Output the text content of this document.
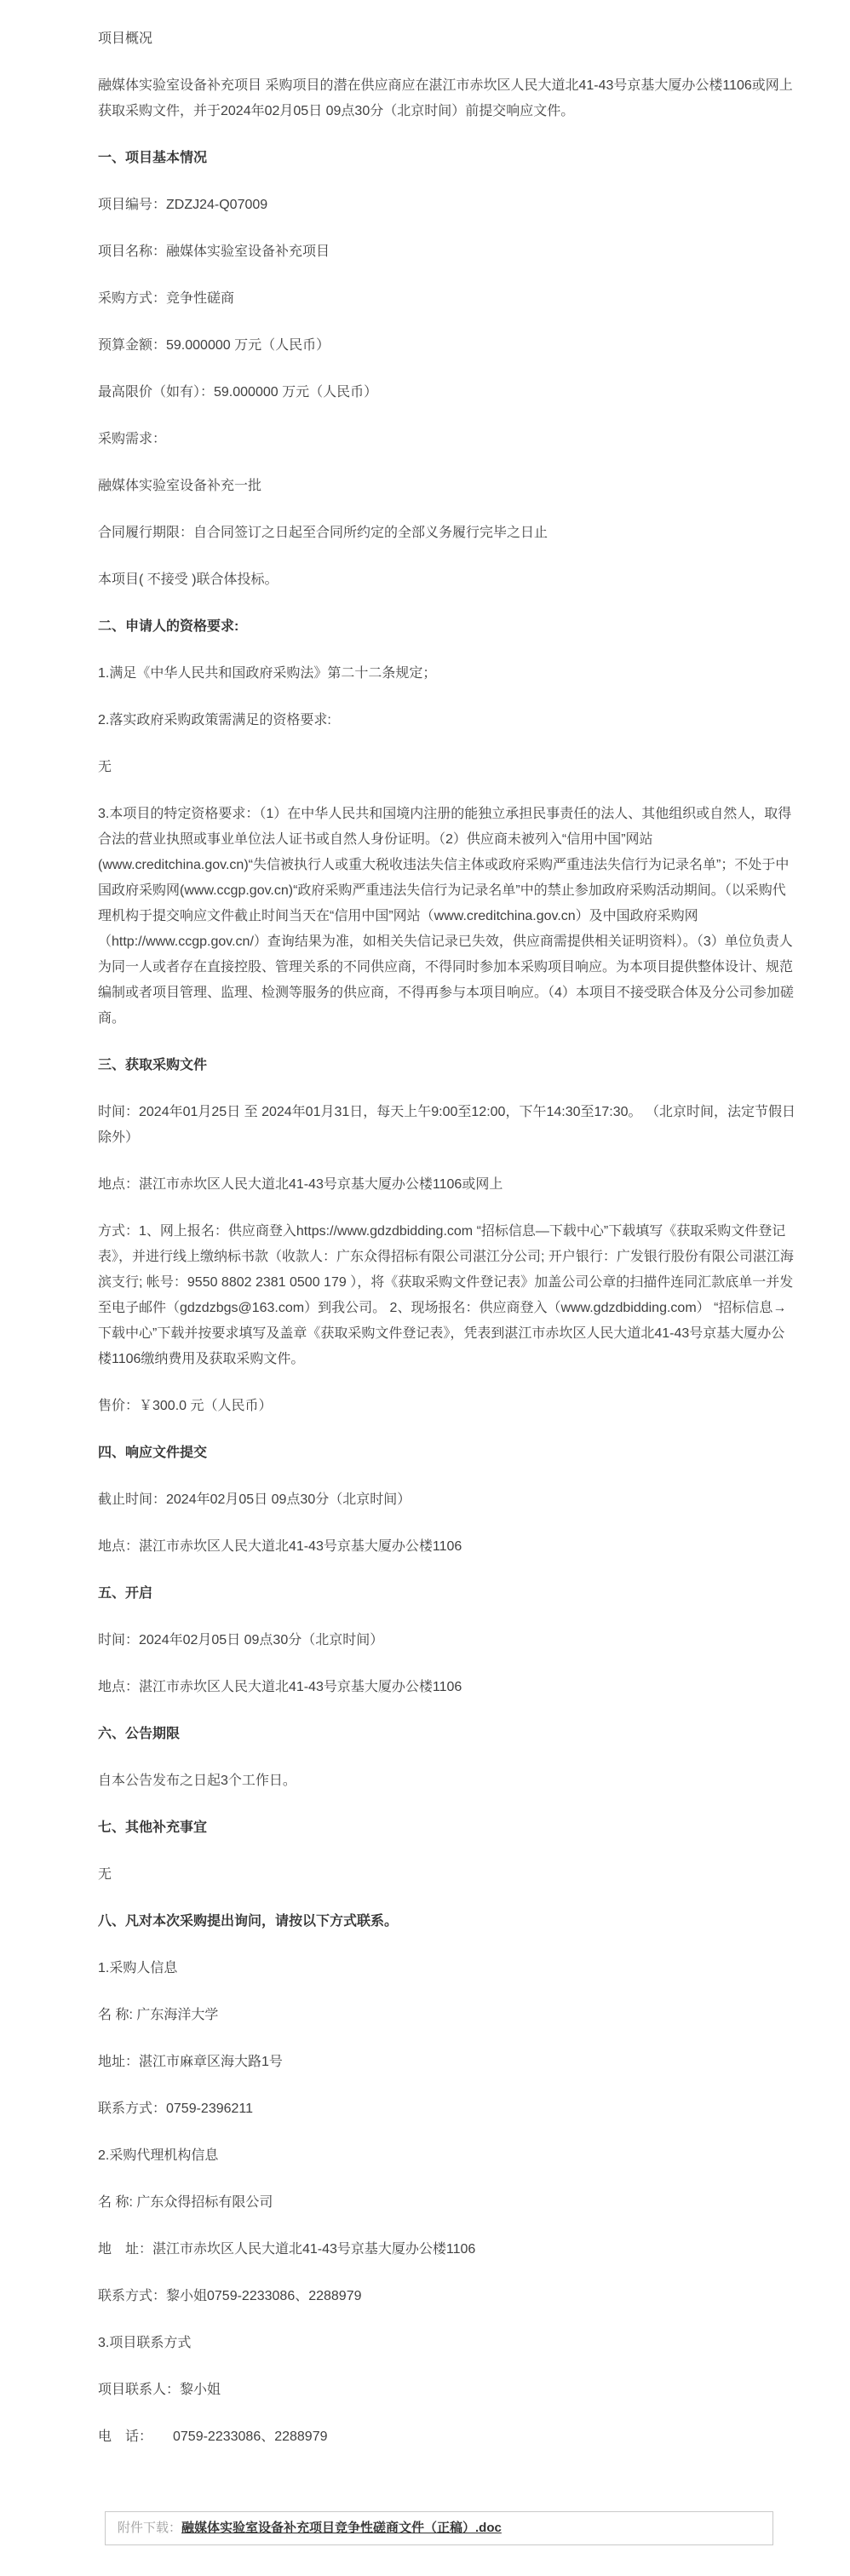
项目概况

融媒体实验室设备补充项目 采购项目的潜在供应商应在湛江市赤坎区人民大道北41-43号京基大厦办公楼1106或网上获取采购文件，并于2024年02月05日 09点30分（北京时间）前提交响应文件。

一、项目基本情况

项目编号：ZDZJ24-Q07009

项目名称：融媒体实验室设备补充项目

采购方式：竞争性磋商

预算金额：59.000000 万元（人民币）

最高限价（如有）：59.000000 万元（人民币）

采购需求：

融媒体实验室设备补充一批

合同履行期限：自合同签订之日起至合同所约定的全部义务履行完毕之日止

本项目( 不接受 )联合体投标。

二、申请人的资格要求:

1.满足《中华人民共和国政府采购法》第二十二条规定；

2.落实政府采购政策需满足的资格要求:

无

3.本项目的特定资格要求：（1）在中华人民共和国境内注册的能独立承担民事责任的法人、其他组织或自然人，取得合法的营业执照或事业单位法人证书或自然人身份证明。（2）供应商未被列入“信用中国”网站(www.creditchina.gov.cn)“失信被执行人或重大税收违法失信主体或政府采购严重违法失信行为记录名单”；不处于中国政府采购网(www.ccgp.gov.cn)“政府采购严重违法失信行为记录名单”中的禁止参加政府采购活动期间。（以采购代理机构于提交响应文件截止时间当天在“信用中国”网站（www.creditchina.gov.cn）及中国政府采购网（http://www.ccgp.gov.cn/）查询结果为准，如相关失信记录已失效，供应商需提供相关证明资料）。（3）单位负责人为同一人或者存在直接控股、管理关系的不同供应商，不得同时参加本采购项目响应。为本项目提供整体设计、规范编制或者项目管理、监理、检测等服务的供应商，不得再参与本项目响应。（4）本项目不接受联合体及分公司参加磋商。

三、获取采购文件

时间：2024年01月25日 至 2024年01月31日，每天上午9:00至12:00，下午14:30至17:30。 （北京时间，法定节假日除外）

地点：湛江市赤坎区人民大道北41-43号京基大厦办公楼1106或网上

方式：1、网上报名：供应商登入https://www.gdzdbidding.com “招标信息—下载中心”下载填写《获取采购文件登记表》，并进行线上缴纳标书款（收款人：广东众得招标有限公司湛江分公司; 开户银行：广发银行股份有限公司湛江海滨支行; 帐号：9550 8802 2381 0500 179 ），将《获取采购文件登记表》加盖公司公章的扫描件连同汇款底单一并发至电子邮件（gdzdzbgs@163.com）到我公司。 2、现场报名：供应商登入（www.gdzdbidding.com） “招标信息→下载中心”下载并按要求填写及盖章《获取采购文件登记表》，凭表到湛江市赤坎区人民大道北41-43号京基大厦办公楼1106缴纳费用及获取采购文件。

售价：￥300.0 元（人民币）

四、响应文件提交

截止时间：2024年02月05日 09点30分（北京时间）

地点：湛江市赤坎区人民大道北41-43号京基大厦办公楼1106

五、开启

时间：2024年02月05日 09点30分（北京时间）

地点：湛江市赤坎区人民大道北41-43号京基大厦办公楼1106

六、公告期限

自本公告发布之日起3个工作日。

七、其他补充事宜

无

八、凡对本次采购提出询问，请按以下方式联系。

1.采购人信息

名 称: 广东海洋大学

地址：湛江市麻章区海大路1号

联系方式：0759-2396211

2.采购代理机构信息

名 称: 广东众得招标有限公司

地　址：湛江市赤坎区人民大道北41-43号京基大厦办公楼1106

联系方式：黎小姐0759-2233086、2288979

3.项目联系方式

项目联系人：黎小姐

电　话：　　0759-2233086、2288979

附件下载：融媒体实验室设备补充项目竞争性磋商文件（正稿）.doc
